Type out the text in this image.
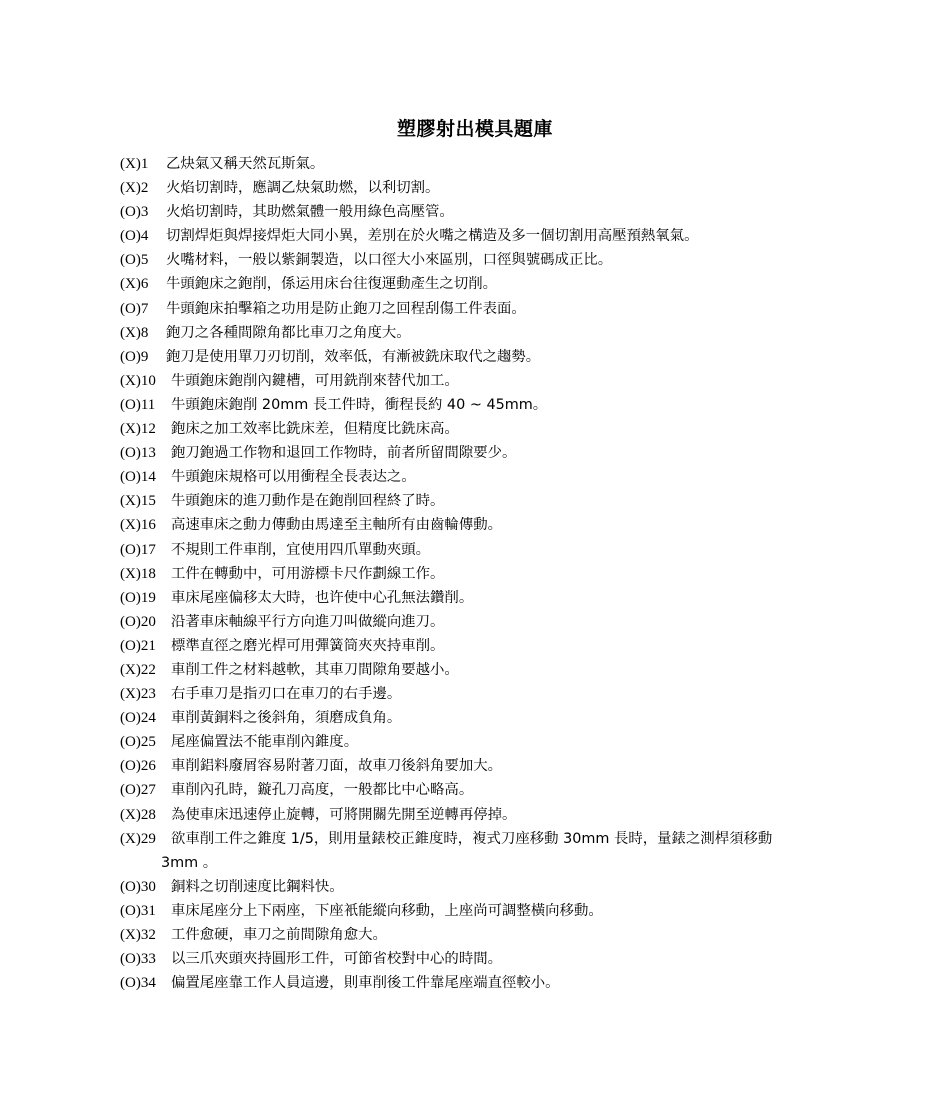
塑膠射出模具題庫
(X)1	乙炔氣又稱天然瓦斯氣。
(X)2	火焰切割時，應調乙炔氣助燃，以利切割。
(O)3	火焰切割時，其助燃氣體一般用綠色高壓管。
(O)4	切割焊炬與焊接焊炬大同小異，差別在於火嘴之構造及多一個切割用高壓預熱氧氣。
(O)5	火嘴材料，一般以紫銅製造，以口徑大小來區別，口徑與號碼成正比。
(X)6	牛頭鉋床之鉋削，係运用床台往復運動產生之切削。
(O)7	牛頭鉋床拍擊箱之功用是防止鉋刀之回程刮傷工件表面。
(X)8	鉋刀之各種間隙角都比車刀之角度大。
(O)9	鉋刀是使用單刀刃切削，效率低，有漸被銑床取代之趨勢。
(X)10	牛頭鉋床鉋削內鍵槽，可用銑削來替代加工。
(O)11	牛頭鉋床鉋削 20mm 長工件時，衝程長約 40 ~ 45mm。
(X)12	鉋床之加工效率比銑床差，但精度比銑床高。
(O)13	鉋刀鉋過工作物和退回工作物時，前者所留間隙要少。
(O)14	牛頭鉋床規格可以用衝程全長表达之。
(X)15	牛頭鉋床的進刀動作是在鉋削回程終了時。
(X)16	高速車床之動力傳動由馬達至主軸所有由齒輪傳動。
(O)17	不規則工件車削，宜使用四爪單動夾頭。
(X)18	工件在轉動中，可用游標卡尺作劃線工作。
(O)19	車床尾座偏移太大時，也许使中心孔無法鑽削。
(O)20	沿著車床軸線平行方向進刀叫做縱向進刀。
(O)21	標準直徑之磨光桿可用彈簧筒夾夾持車削。
(X)22	車削工件之材料越軟，其車刀間隙角要越小。
(X)23	右手車刀是指刃口在車刀的右手邊。
(O)24	車削黃銅料之後斜角，須磨成負角。
(O)25	尾座偏置法不能車削內錐度。
(O)26	車削鋁料廢屑容易附著刀面，故車刀後斜角要加大。
(O)27	車削內孔時，鏇孔刀高度，一般都比中心略高。
(X)28	為使車床迅速停止旋轉，可將開關先開至逆轉再停掉。
(X)29	欲車削工件之錐度 1/5，則用量錶校正錐度時，複式刀座移動 30mm 長時，量錶之測桿須移動 3mm 。
(O)30	銅料之切削速度比鋼料快。
(O)31	車床尾座分上下兩座，下座衹能縱向移動，上座尚可調整橫向移動。
(X)32	工件愈硬，車刀之前間隙角愈大。
(O)33	以三爪夾頭夾持圓形工件，可節省校對中心的時間。
(O)34	偏置尾座靠工作人員這邊，則車削後工件靠尾座端直徑較小。
